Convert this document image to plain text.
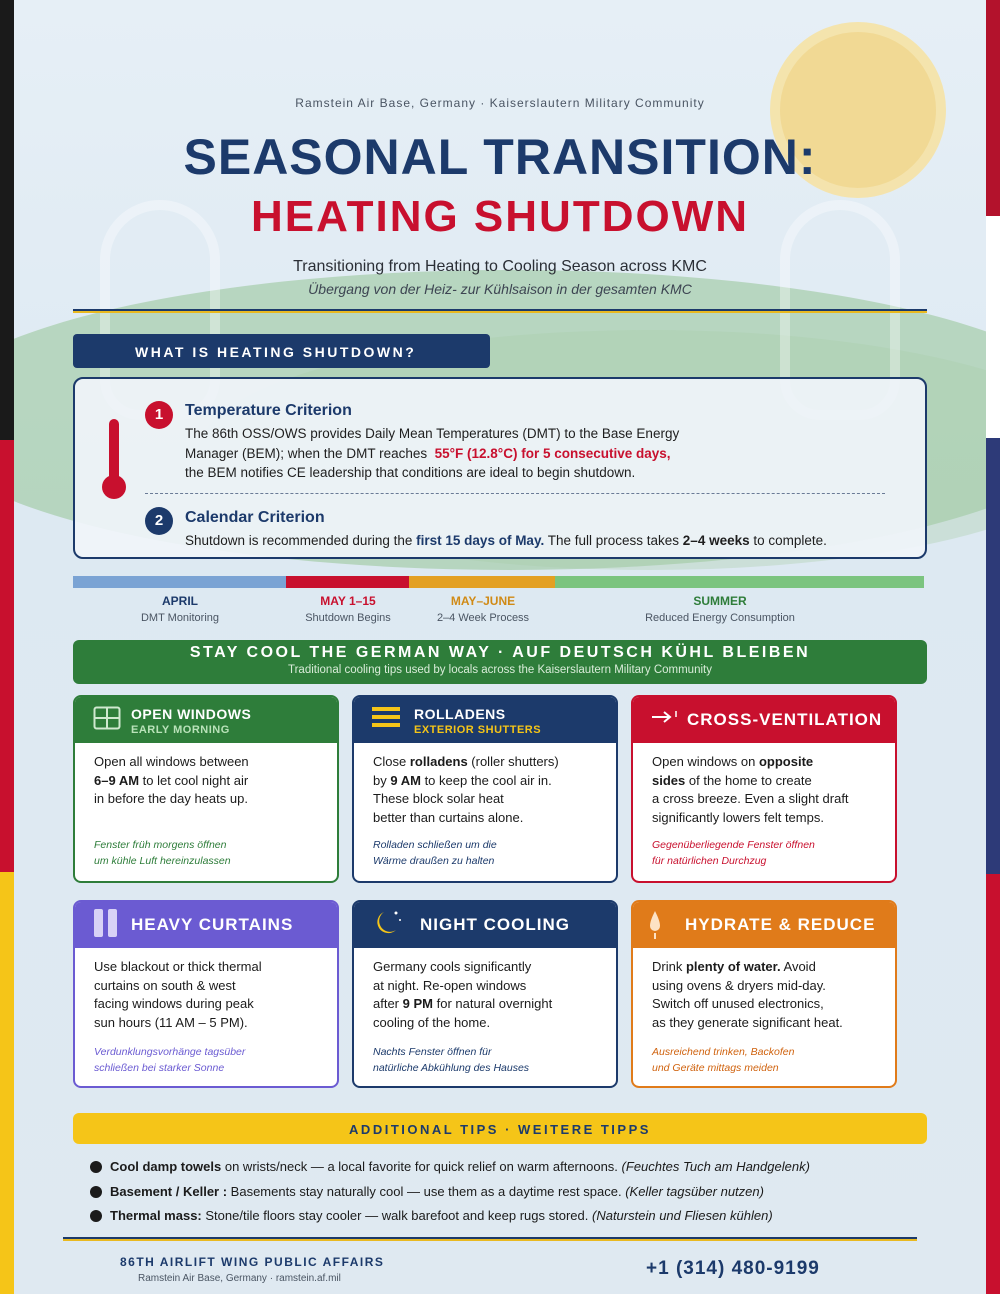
Ramstein Air Base, Germany · Kaiserslautern Military Community
SEASONAL TRANSITION:
HEATING SHUTDOWN
Transitioning from Heating to Cooling Season across KMC
Übergang von der Heiz- zur Kühlsaison in der gesamten KMC
WHAT IS HEATING SHUTDOWN?
1	Temperature Criterion
The 86th OSS/OWS provides Daily Mean Temperatures (DMT) to the Base Energy
Manager (BEM); when the DMT reaches 55°F (12.8°C) for 5 consecutive days,
the BEM notifies CE leadership that conditions are ideal to begin shutdown.
2	Calendar Criterion
Shutdown is recommended during the first 15 days of May. The full process takes 2–4 weeks to complete.
APRIL
DMT Monitoring
MAY 1–15
Shutdown Begins
MAY–JUNE
2–4 Week Process
SUMMER
Reduced Energy Consumption
STAY COOL THE GERMAN WAY · AUF DEUTSCH KÜHL BLEIBEN
Traditional cooling tips used by locals across the Kaiserslautern Military Community
OPEN WINDOWS
EARLY MORNING
Open all windows between
6–9 AM to let cool night air
in before the day heats up.
Fenster früh morgens öffnen
um kühle Luft hereinzulassen
ROLLADENS
EXTERIOR SHUTTERS
Close rolladens (roller shutters)
by 9 AM to keep the cool air in.
These block solar heat
better than curtains alone.
Rolladen schließen um die
Wärme draußen zu halten
CROSS-VENTILATION
Open windows on opposite
sides of the home to create
a cross breeze. Even a slight draft
significantly lowers felt temps.
Gegenüberliegende Fenster öffnen
für natürlichen Durchzug
HEAVY CURTAINS
Use blackout or thick thermal
curtains on south & west
facing windows during peak
sun hours (11 AM – 5 PM).
Verdunklungsvorhänge tagsüber
schließen bei starker Sonne
NIGHT COOLING
Germany cools significantly
at night. Re-open windows
after 9 PM for natural overnight
cooling of the home.
Nachts Fenster öffnen für
natürliche Abkühlung des Hauses
HYDRATE & REDUCE
Drink plenty of water. Avoid
using ovens & dryers mid-day.
Switch off unused electronics,
as they generate significant heat.
Ausreichend trinken, Backofen
und Geräte mittags meiden
ADDITIONAL TIPS · WEITERE TIPPS
Cool damp towels on wrists/neck — a local favorite for quick relief on warm afternoons. (Feuchtes Tuch am Handgelenk)
Basement / Keller : Basements stay naturally cool — use them as a daytime rest space. (Keller tagsüber nutzen)
Thermal mass: Stone/tile floors stay cooler — walk barefoot and keep rugs stored. (Naturstein und Fliesen kühlen)
86TH AIRLIFT WING PUBLIC AFFAIRS
Ramstein Air Base, Germany · ramstein.af.mil	+1 (314) 480-9199
